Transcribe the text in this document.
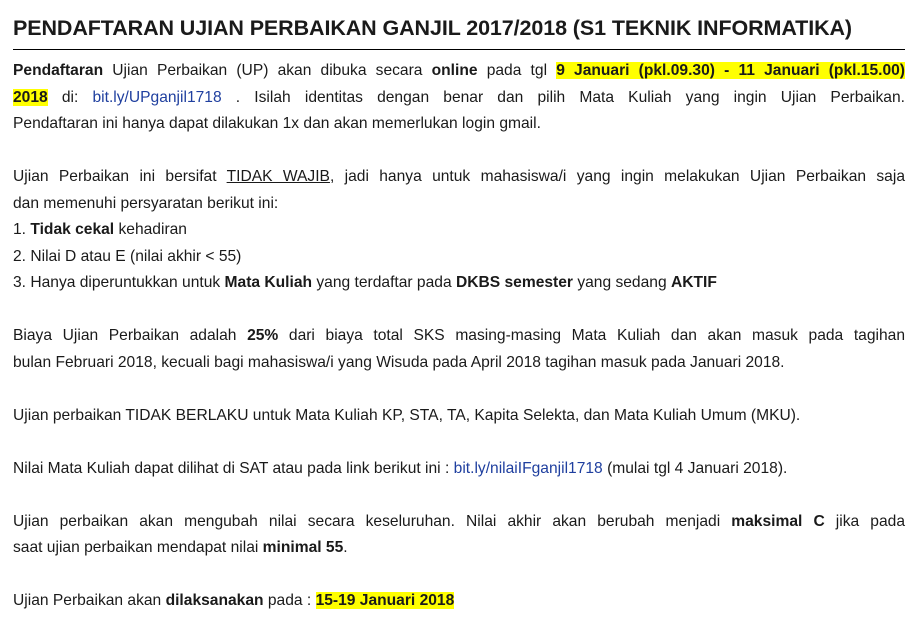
PENDAFTARAN UJIAN PERBAIKAN GANJIL 2017/2018 (S1 TEKNIK INFORMATIKA)

Pendaftaran Ujian Perbaikan (UP) akan dibuka secara online pada tgl 9 Januari (pkl.09.30) - 11 Januari (pkl.15.00)

2018 di: bit.ly/UPganjil1718 . Isilah identitas dengan benar dan pilih Mata Kuliah yang ingin Ujian Perbaikan.

Pendaftaran ini hanya dapat dilakukan 1x dan akan memerlukan login gmail.

Ujian Perbaikan ini bersifat TIDAK WAJIB, jadi hanya untuk mahasiswa/i yang ingin melakukan Ujian Perbaikan saja

dan memenuhi persyaratan berikut ini:

1. Tidak cekal kehadiran

2. Nilai D atau E (nilai akhir < 55)

3. Hanya diperuntukkan untuk Mata Kuliah yang terdaftar pada DKBS semester yang sedang AKTIF

Biaya Ujian Perbaikan adalah 25% dari biaya total SKS masing-masing Mata Kuliah dan akan masuk pada tagihan

bulan Februari 2018, kecuali bagi mahasiswa/i yang Wisuda pada April 2018 tagihan masuk pada Januari 2018.

Ujian perbaikan TIDAK BERLAKU untuk Mata Kuliah KP, STA, TA, Kapita Selekta, dan Mata Kuliah Umum (MKU).

Nilai Mata Kuliah dapat dilihat di SAT atau pada link berikut ini : bit.ly/nilaiIFganjil1718 (mulai tgl 4 Januari 2018).

Ujian perbaikan akan mengubah nilai secara keseluruhan. Nilai akhir akan berubah menjadi maksimal C jika pada

saat ujian perbaikan mendapat nilai minimal 55.

Ujian Perbaikan akan dilaksanakan pada : 15-19 Januari 2018
